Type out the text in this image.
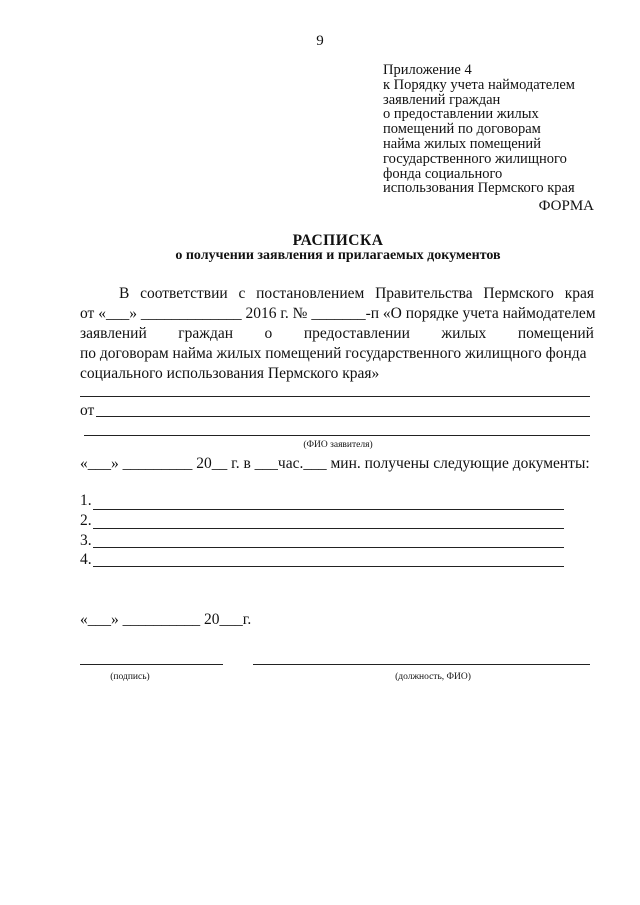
9
Приложение 4
к Порядку учета наймодателем
заявлений граждан
о предоставлении жилых
помещений по договорам
найма жилых помещений
государственного жилищного
фонда социального
использования Пермского края
ФОРМА
РАСПИСКА
о получении заявления и прилагаемых документов
В соответствии с постановлением Правительства Пермского края
от «___» _____________ 2016 г. № _______-п «О порядке учета наймодателем
заявлений граждан о предоставлении жилых помещений
по договорам найма жилых помещений государственного жилищного фонда
социального использования Пермского края»
от
(ФИО заявителя)
«___» _________ 20__ г. в ___час.___ мин. получены следующие документы:
1.
2.
3.
4.
«___» __________ 20___г.
(подпись)	(должность, ФИО)
